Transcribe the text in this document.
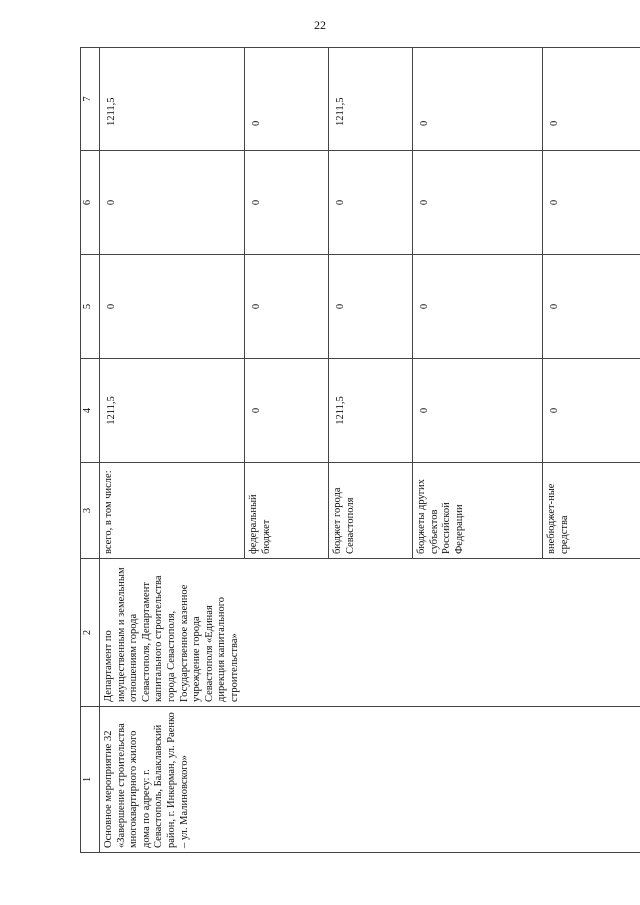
22
1	2	3	4	5	6	7
Основное мероприятие 32 «Завершение строительства многоквартирного жилого дома по адресу: г. Севастополь, Балаклавский район, г. Инкерман, ул. Раенко – ул. Малиновского»	Департамент по имущественным и земельным отношениям города Севастополя, Департамент капитального строительства города Севастополя, Государственное казенное учреждение города Севастополя «Единая дирекция капитального строительства»	всего, в том числе:	1211,5	0	0	1211,5
		федеральный бюджет	0	0	0	0
		бюджет города Севастополя	1211,5	0	0	1211,5
		бюджеты других субъектов Российской Федерации	0	0	0	0
		внебюджет-ные средства	0	0	0	0
